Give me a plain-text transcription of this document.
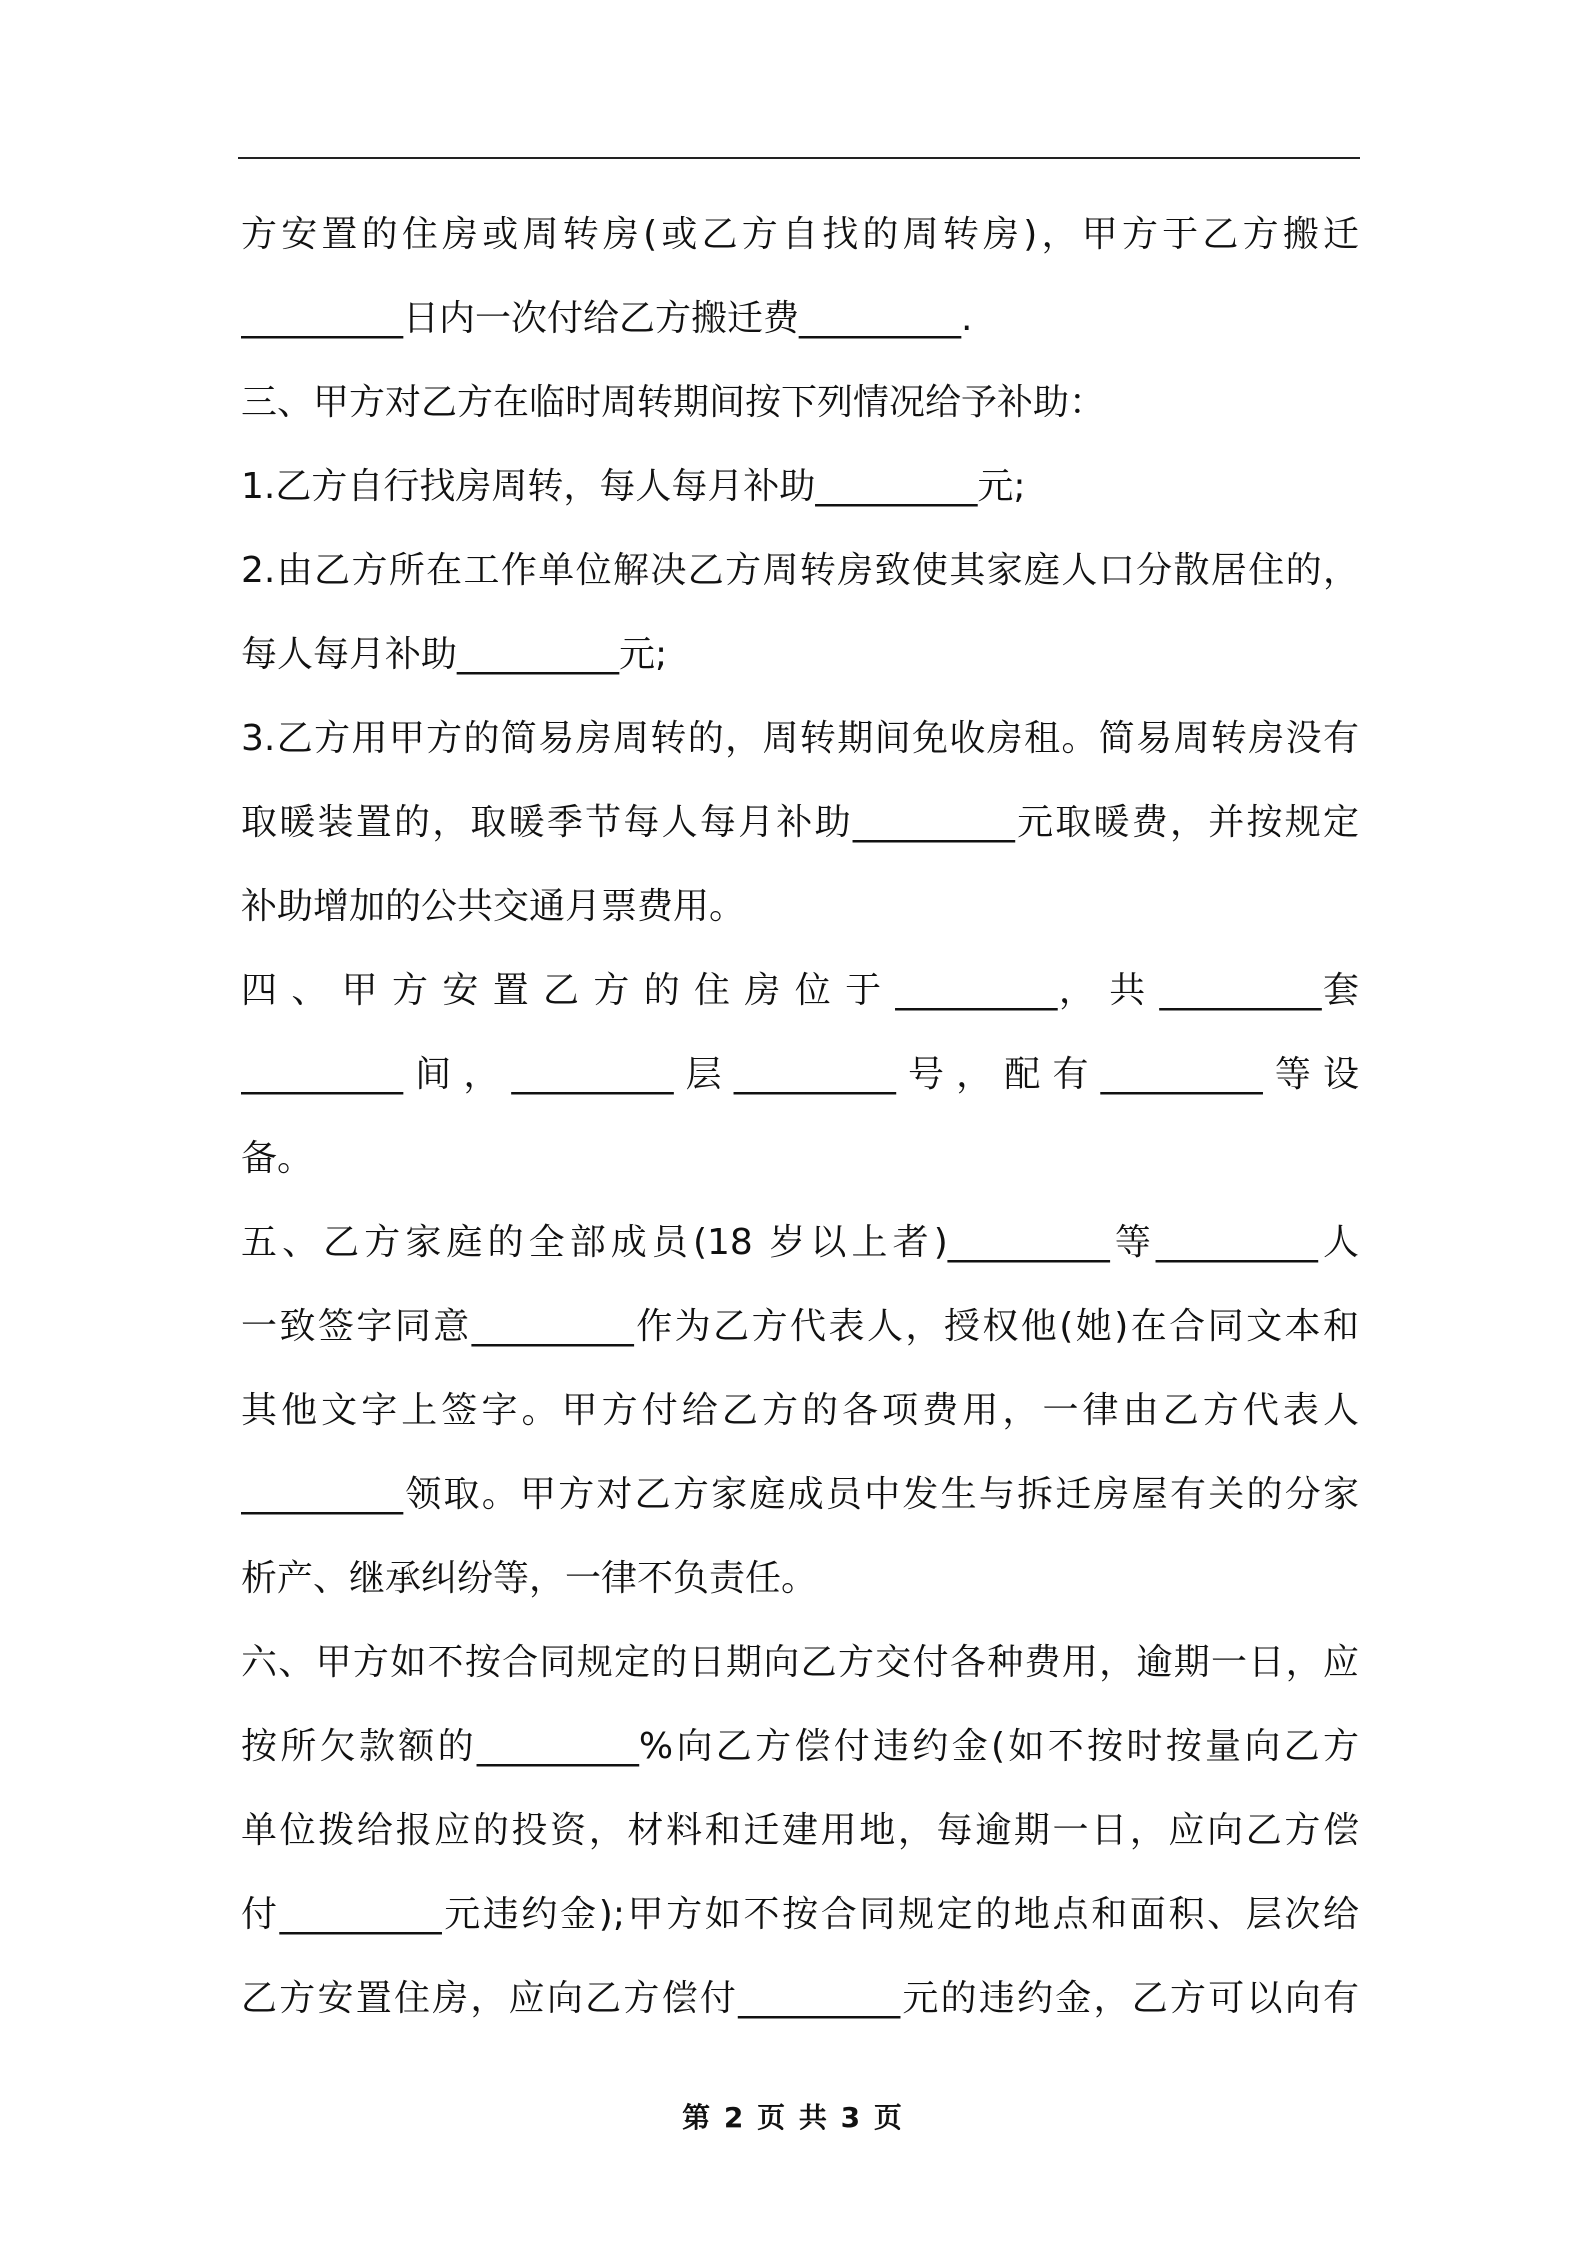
方安置的住房或周转房(或乙方自找的周转房)，甲方于乙方搬迁
_________日内一次付给乙方搬迁费_________.
三、甲方对乙方在临时周转期间按下列情况给予补助：
1.乙方自行找房周转，每人每月补助_________元;
2.由乙方所在工作单位解决乙方周转房致使其家庭人口分散居住的，
每人每月补助_________元;
3.乙方用甲方的简易房周转的，周转期间免收房租。简易周转房没有
取暖装置的，取暖季节每人每月补助_________元取暖费，并按规定
补助增加的公共交通月票费用。
四 、 甲 方 安 置 乙 方 的 住 房 位 于 _________， 共 _________套
_________间，_________层_________号，配有_________等设
备。
五、乙方家庭的全部成员(18 岁以上者)_________等_________人
一致签字同意_________作为乙方代表人，授权他(她)在合同文本和
其他文字上签字。甲方付给乙方的各项费用，一律由乙方代表人
_________领取。甲方对乙方家庭成员中发生与拆迁房屋有关的分家
析产、继承纠纷等，一律不负责任。
六、甲方如不按合同规定的日期向乙方交付各种费用，逾期一日，应
按所欠款额的_________%向乙方偿付违约金(如不按时按量向乙方
单位拨给报应的投资，材料和迁建用地，每逾期一日，应向乙方偿
付_________元违约金);甲方如不按合同规定的地点和面积、层次给
乙方安置住房，应向乙方偿付_________元的违约金，乙方可以向有
第 2 页 共 3 页
